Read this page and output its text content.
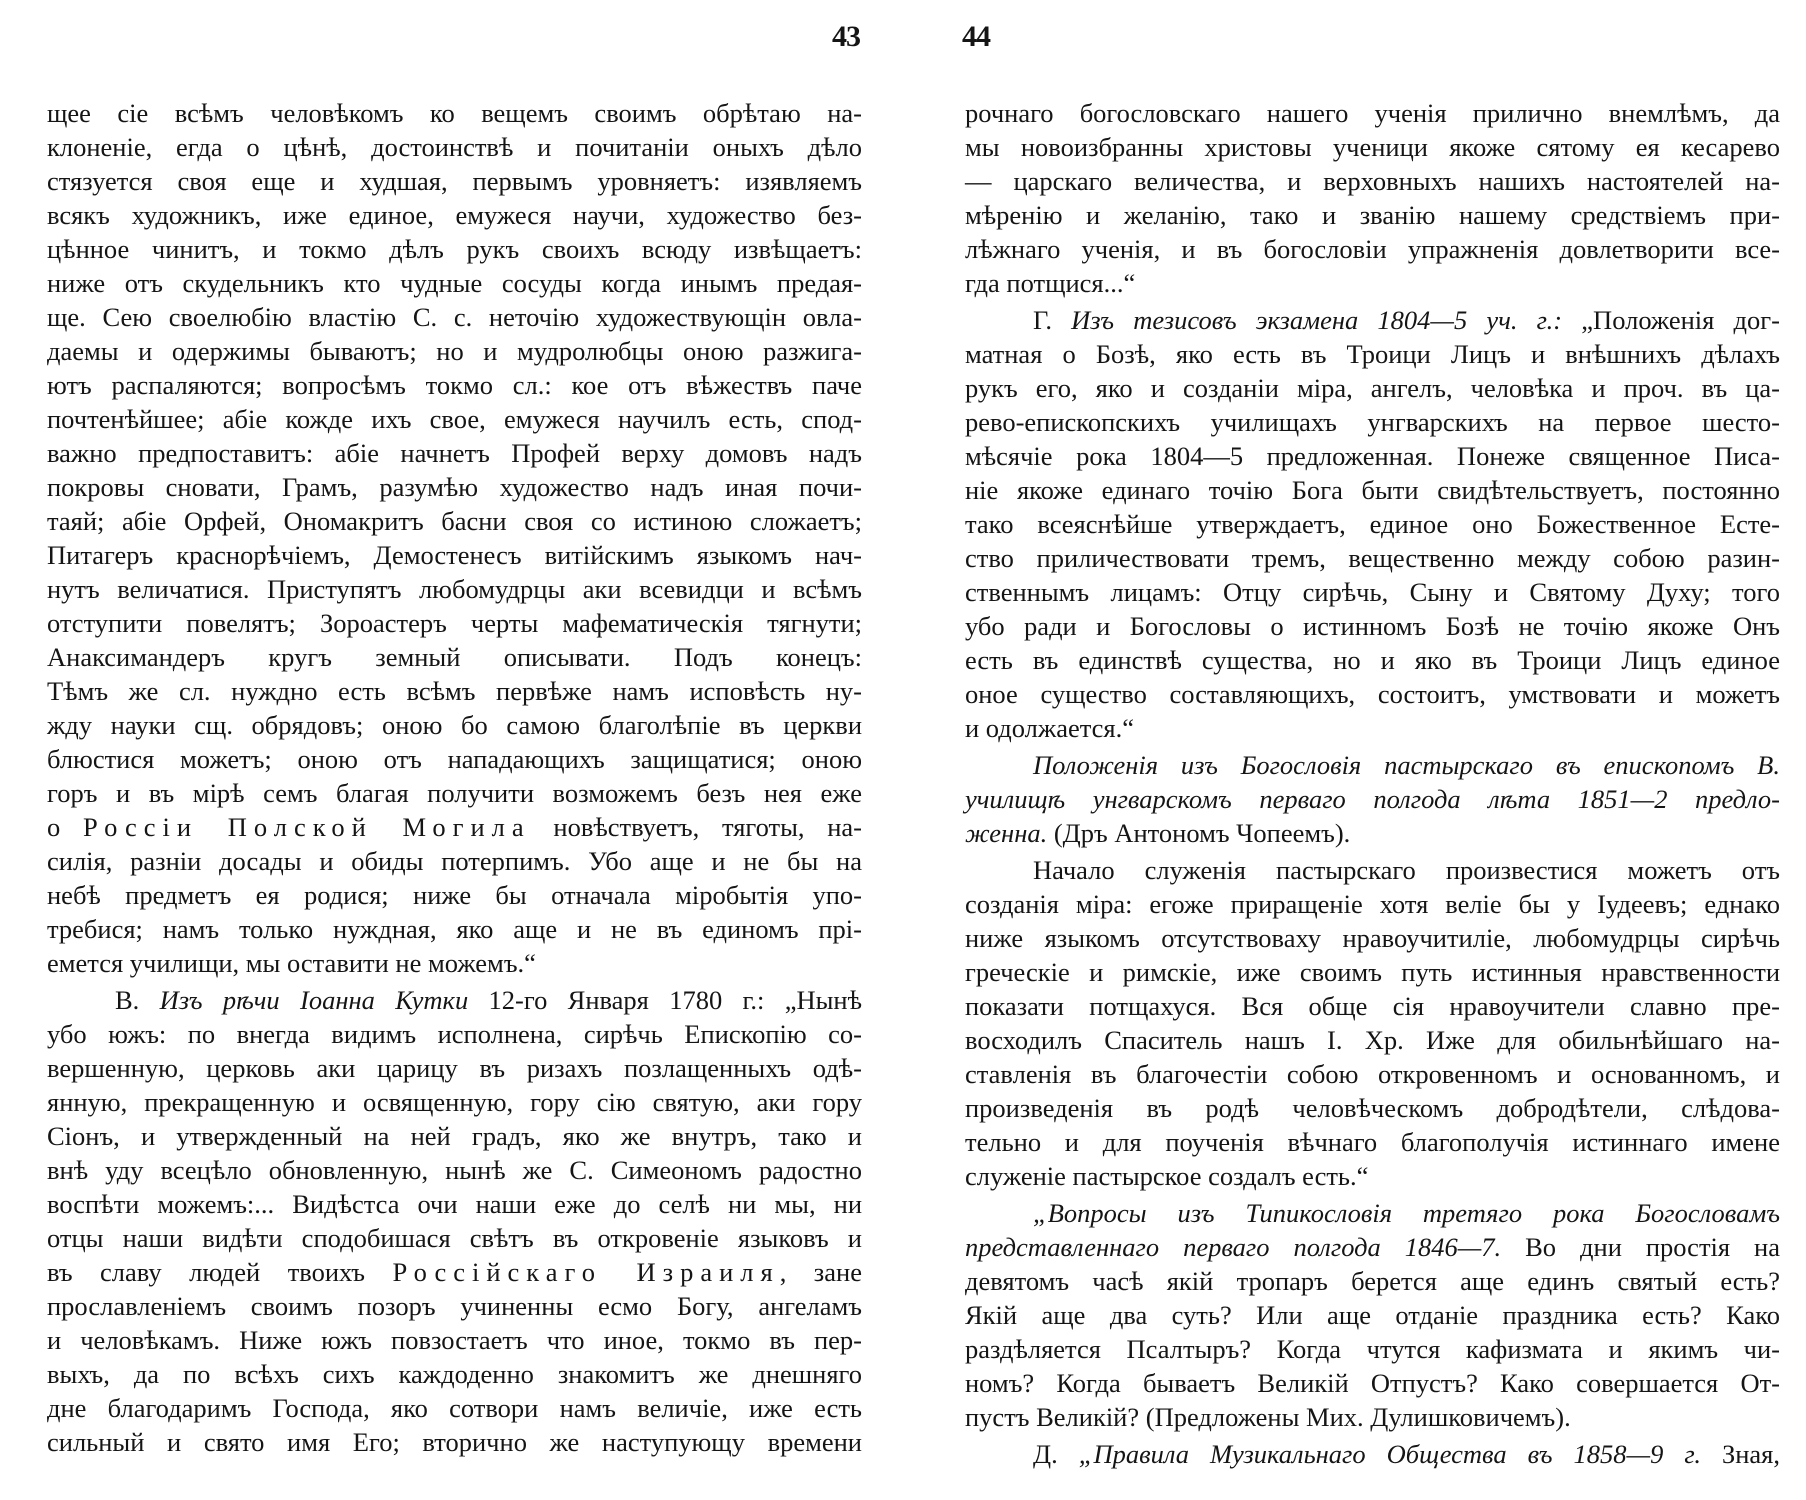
43	44
щее сіе всѣмъ человѣкомъ ко вещемъ своимъ обрѣтаю на-
клоненіе, егда о цѣнѣ, достоинствѣ и почитаніи оныхъ дѣло
стязуется своя еще и худшая, первымъ уровняетъ: изявляемъ
всякъ художникъ, иже единое, емужеся научи, художество без-
цѣнное чинитъ, и токмо дѣлъ рукъ своихъ всюду извѣщаетъ:
ниже отъ скудельникъ кто чудные сосуды когда инымъ предая-
ще. Сею своелюбію властію С. с. неточію художествующін овла-
даемы и одержимы бываютъ; но и мудролюбцы оною разжига-
ютъ распаляются; вопросѣмъ токмо сл.: кое отъ вѣжествъ паче
почтенѣйшее; абіе кожде ихъ свое, емужеся научилъ есть, спод-
важно предпоставитъ: абіе начнетъ Профей верху домовъ надъ
покровы сновати, Грамъ, разумѣю художество надъ иная почи-
таяй; абіе Орфей, Ономакритъ басни своя со истиною сложаетъ;
Питагеръ краснорѣчіемъ, Демостенесъ витійскимъ языкомъ нач-
нутъ величатися. Приступятъ любомудрцы аки всевидци и всѣмъ
отступити повелятъ; Зороастеръ черты мафематическія тягнути;
Анаксимандеръ кругъ земный описывати. Подъ конецъ:
Тѣмъ же сл. нуждно есть всѣмъ первѣже намъ исповѣсть ну-
жду науки сщ. обрядовъ; оною бо самою благолѣпіе въ церкви
блюстися можетъ; оною отъ нападающихъ защищатися; оною
горъ и въ мірѣ семъ благая получити возможемъ безъ нея еже
о Россіи Полской Могила новѣствуетъ, тяготы, на-
силія, разніи досады и обиды потерпимъ. Убо аще и не бы на
небѣ предметъ ея родися; ниже бы отначала міробытія упо-
требися; намъ только нуждная, яко аще и не въ единомъ прі-
емется училищи, мы оставити не можемъ.“
В. Изъ рѣчи Іоанна Кутки 12-го Января 1780 г.: „Нынѣ
убо южъ: по внегда видимъ исполнена, сирѣчь Епископію со-
вершенную, церковь аки царицу въ ризахъ позлащенныхъ одѣ-
янную, прекращенную и освященную, гору сію святую, аки гору
Сіонъ, и утвержденный на ней градъ, яко же внутръ, тако и
внѣ уду всецѣло обновленную, нынѣ же С. Симеономъ радостно
воспѣти можемъ:... Видѣстса очи наши еже до селѣ ни мы, ни
отцы наши видѣти сподобишася свѣтъ въ откровеніе языковъ и
въ славу людей твоихъ Россійскаго Израиля, зане
прославленіемъ своимъ позоръ учиненны есмо Богу, ангеламъ
и человѣкамъ. Ниже южъ повзостаетъ что иное, токмо въ пер-
выхъ, да по всѣхъ сихъ каждоденно знакомитъ же днешняго
дне благодаримъ Господа, яко сотвори намъ величіе, иже есть
сильный и свято имя Его; вторично же наступующу времени
рочнаго богословскаго нашего ученія прилично внемлѣмъ, да
мы новоизбранны христовы ученици якоже сятому ея кесарево
— царскаго величества, и верховныхъ нашихъ настоятелей на-
мѣренію и желанію, тако и званію нашему средствіемъ при-
лѣжнаго ученія, и въ богословіи упражненія довлетворити все-
гда потщися...“
Г. Изъ тезисовъ экзамена 1804—5 уч. г.: „Положенія дог-
матная о Бозѣ, яко есть въ Троици Лицъ и внѣшнихъ дѣлахъ
рукъ его, яко и созданіи міра, ангелъ, человѣка и проч. въ ца-
рево-епископскихъ училищахъ унгварскихъ на первое шесто-
мѣсячіе рока 1804—5 предложенная. Понеже священное Писа-
ніе якоже единаго точію Бога быти свидѣтельствуетъ, постоянно
тако всеяснѣйше утверждаетъ, единое оно Божественное Есте-
ство приличествовати тремъ, вещественно между собою разин-
ственнымъ лицамъ: Отцу сирѣчь, Сыну и Святому Духу; того
убо ради и Богословы о истинномъ Бозѣ не точію якоже Онъ
есть въ единствѣ существа, но и яко въ Троици Лицъ единое
оное существо составляющихъ, состоитъ, умствовати и можетъ
и одолжается.“
Положенія изъ Богословія пастырскаго въ епископомъ В.
училищѣ унгварскомъ перваго полгода лѣта 1851—2 предло-
женна. (Дръ Антономъ Чопеемъ).
Начало служенія пастырскаго произвестися можетъ отъ
созданія міра: егоже приращеніе хотя веліе бы у Іудеевъ; еднако
ниже языкомъ отсутствоваху нравоучитиліе, любомудрцы сирѣчь
греческіе и римскіе, иже своимъ путь истинныя нравственности
показати потщахуся. Вся обще сія нравоучители славно пре-
восходилъ Спаситель нашъ І. Хр. Иже для обильнѣйшаго на-
ставленія въ благочестіи собою откровенномъ и основанномъ, и
произведенія въ родѣ человѣческомъ добродѣтели, слѣдова-
тельно и для поученія вѣчнаго благополучія истиннаго имене
служеніе пастырское создалъ есть.“
„Вопросы изъ Типикословія третяго рока Богословамъ
представленнаго перваго полгода 1846—7. Во дни простія на
девятомъ часѣ якій тропаръ берется аще единъ святый есть?
Якій аще два суть? Или аще отданіе праздника есть? Како
раздѣляется Псалтыръ? Когда чтутся кафизмата и якимъ чи-
номъ? Когда бываетъ Великій Отпустъ? Како совершается От-
пустъ Великій? (Предложены Мих. Дулишковичемъ).
Д. „Правила Музикальнаго Общества въ 1858—9 г. Зная,
